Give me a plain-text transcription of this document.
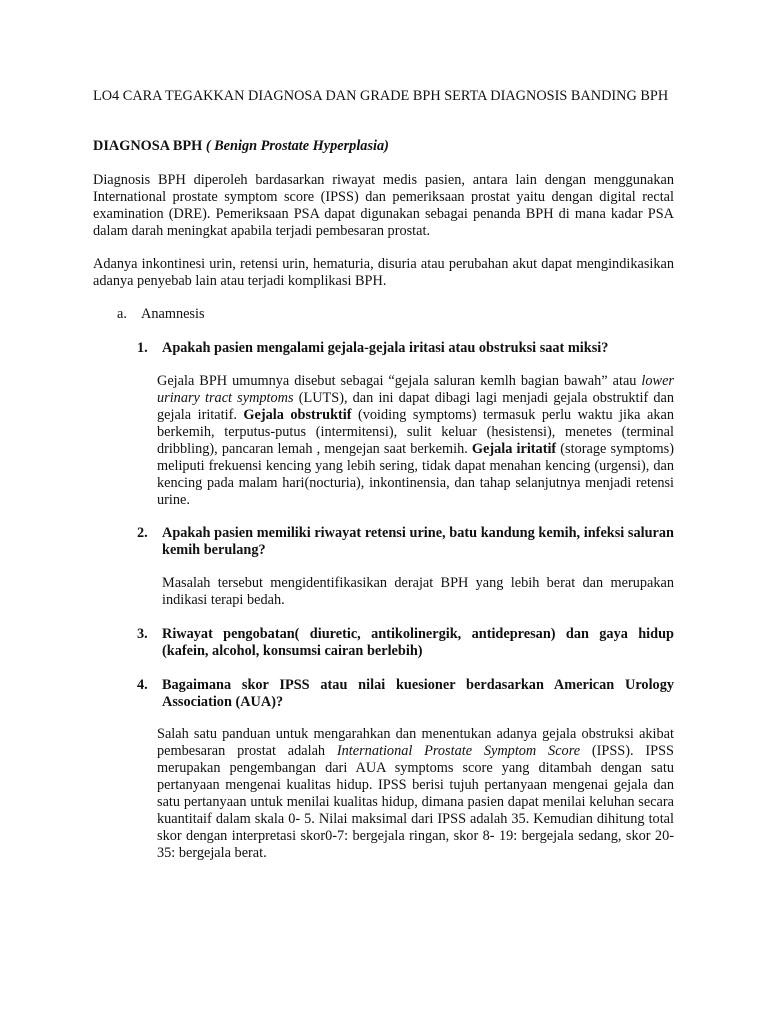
LO4 CARA TEGAKKAN DIAGNOSA DAN GRADE BPH SERTA DIAGNOSIS BANDING BPH

DIAGNOSA BPH ( Benign Prostate Hyperplasia)

Diagnosis BPH diperoleh bardasarkan riwayat medis pasien, antara lain dengan menggunakan International prostate symptom score (IPSS) dan pemeriksaan prostat yaitu dengan digital rectal examination (DRE). Pemeriksaan PSA dapat digunakan sebagai penanda BPH di mana kadar PSA dalam darah meningkat apabila terjadi pembesaran prostat.

Adanya inkontinesi urin, retensi urin, hematuria, disuria atau perubahan akut dapat mengindikasikan adanya penyebab lain atau terjadi komplikasi BPH.

a. Anamnesis
1. Apakah pasien mengalami gejala-gejala iritasi atau obstruksi saat miksi?

Gejala BPH umumnya disebut sebagai “gejala saluran kemlh bagian bawah” atau lower urinary tract symptoms (LUTS), dan ini dapat dibagi lagi menjadi gejala obstruktif dan gejala iritatif. Gejala obstruktif (voiding symptoms) termasuk perlu waktu jika akan berkemih, terputus-putus (intermitensi), sulit keluar (hesistensi), menetes (terminal dribbling), pancaran lemah , mengejan saat berkemih. Gejala iritatif (storage symptoms) meliputi frekuensi kencing yang lebih sering, tidak dapat menahan kencing (urgensi), dan kencing pada malam hari(nocturia), inkontinensia, dan tahap selanjutnya menjadi retensi urine.

2. Apakah pasien memiliki riwayat retensi urine, batu kandung kemih, infeksi saluran kemih berulang?

Masalah tersebut mengidentifikasikan derajat BPH yang lebih berat dan merupakan indikasi terapi bedah.

3. Riwayat pengobatan( diuretic, antikolinergik, antidepresan) dan gaya hidup (kafein, alcohol, konsumsi cairan berlebih)

4. Bagaimana skor IPSS atau nilai kuesioner berdasarkan American Urology Association (AUA)?

Salah satu panduan untuk mengarahkan dan menentukan adanya gejala obstruksi akibat pembesaran prostat adalah International Prostate Symptom Score (IPSS). IPSS merupakan pengembangan dari AUA symptoms score yang ditambah dengan satu pertanyaan mengenai kualitas hidup. IPSS berisi tujuh pertanyaan mengenai gejala dan satu pertanyaan untuk menilai kualitas hidup, dimana pasien dapat menilai keluhan secara kuantitaif dalam skala 0- 5. Nilai maksimal dari IPSS adalah 35. Kemudian dihitung total skor dengan interpretasi skor0-7: bergejala ringan, skor 8- 19: bergejala sedang, skor 20-35: bergejala berat.
